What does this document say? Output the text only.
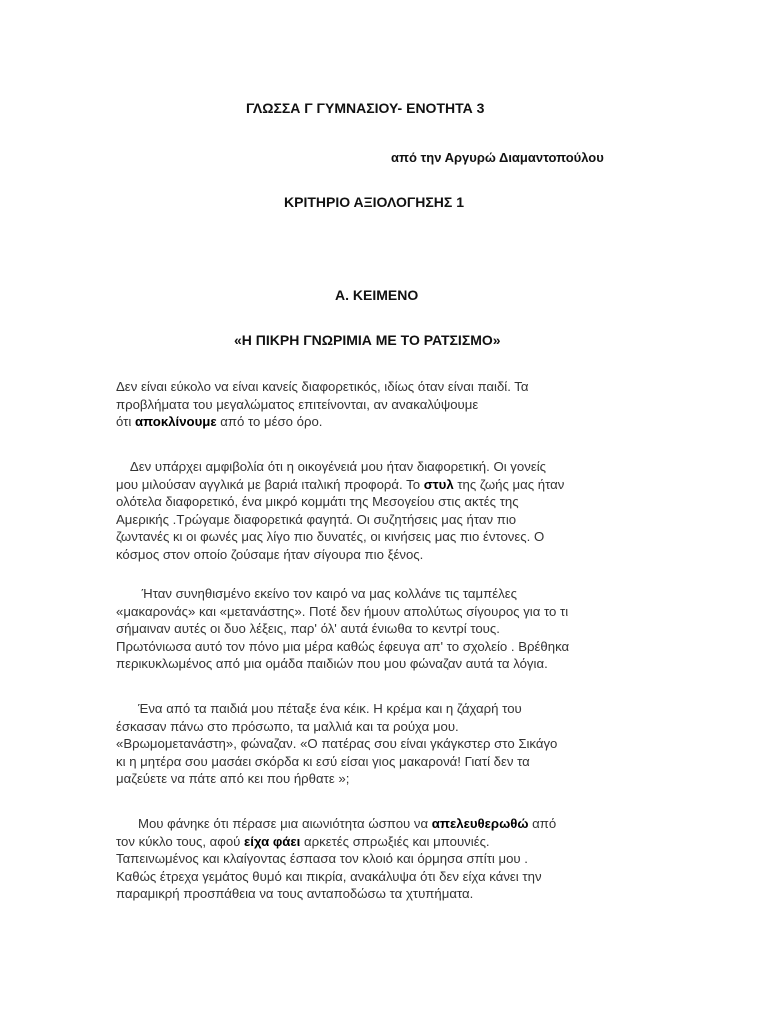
ΓΛΩΣΣΑ Γ ΓΥΜΝΑΣΙΟΥ- ΕΝΟΤΗΤΑ 3
από την Αργυρώ Διαμαντοπούλου
ΚΡΙΤΗΡΙΟ ΑΞΙΟΛΟΓΗΣΗΣ 1
Α. ΚΕΙΜΕΝΟ
«Η ΠΙΚΡΗ ΓΝΩΡΙΜΙΑ ΜΕ ΤΟ ΡΑΤΣΙΣΜΟ»
Δεν είναι εύκολο να είναι κανείς διαφορετικός, ιδίως όταν είναι παιδί. Τα
προβλήματα του μεγαλώματος επιτείνονται, αν ανακαλύψουμε
ότι αποκλίνουμε από το μέσο όρο.
Δεν υπάρχει αμφιβολία ότι η οικογένειά μου ήταν διαφορετική. Οι γονείς
μου μιλούσαν αγγλικά με βαριά ιταλική προφορά. Το στυλ της ζωής μας ήταν
ολότελα διαφορετικό, ένα μικρό κομμάτι της Μεσογείου στις ακτές της
Αμερικής .Τρώγαμε διαφορετικά φαγητά. Οι συζητήσεις μας ήταν πιο
ζωντανές κι οι φωνές μας λίγο πιο δυνατές, οι κινήσεις μας πιο έντονες. Ο
κόσμος στον οποίο ζούσαμε ήταν σίγουρα πιο ξένος.
Ήταν συνηθισμένο εκείνο τον καιρό να μας κολλάνε τις ταμπέλες
«μακαρονάς» και «μετανάστης». Ποτέ δεν ήμουν απολύτως σίγουρος για το τι
σήμαιναν αυτές οι δυο λέξεις, παρ' όλ' αυτά ένιωθα το κεντρί τους.
Πρωτόνιωσα αυτό τον πόνο μια μέρα καθώς έφευγα απ' το σχολείο . Βρέθηκα
περικυκλωμένος από μια ομάδα παιδιών που μου φώναζαν αυτά τα λόγια.
Ένα από τα παιδιά μου πέταξε ένα κέικ. Η κρέμα και η ζάχαρή του
έσκασαν πάνω στο πρόσωπο, τα μαλλιά και τα ρούχα μου.
«Βρωμομετανάστη», φώναζαν. «Ο πατέρας σου είναι γκάγκστερ στο Σικάγο
κι η μητέρα σου μασάει σκόρδα κι εσύ είσαι γιος μακαρονά! Γιατί δεν τα
μαζεύετε να πάτε από κει που ήρθατε »;
Μου φάνηκε ότι πέρασε μια αιωνιότητα ώσπου να απελευθερωθώ από
τον κύκλο τους, αφού είχα φάει αρκετές σπρωξιές και μπουνιές.
Ταπεινωμένος και κλαίγοντας έσπασα τον κλοιό και όρμησα σπίτι μου .
Καθώς έτρεχα γεμάτος θυμό και πικρία, ανακάλυψα ότι δεν είχα κάνει την
παραμικρή προσπάθεια να τους ανταποδώσω τα χτυπήματα.
